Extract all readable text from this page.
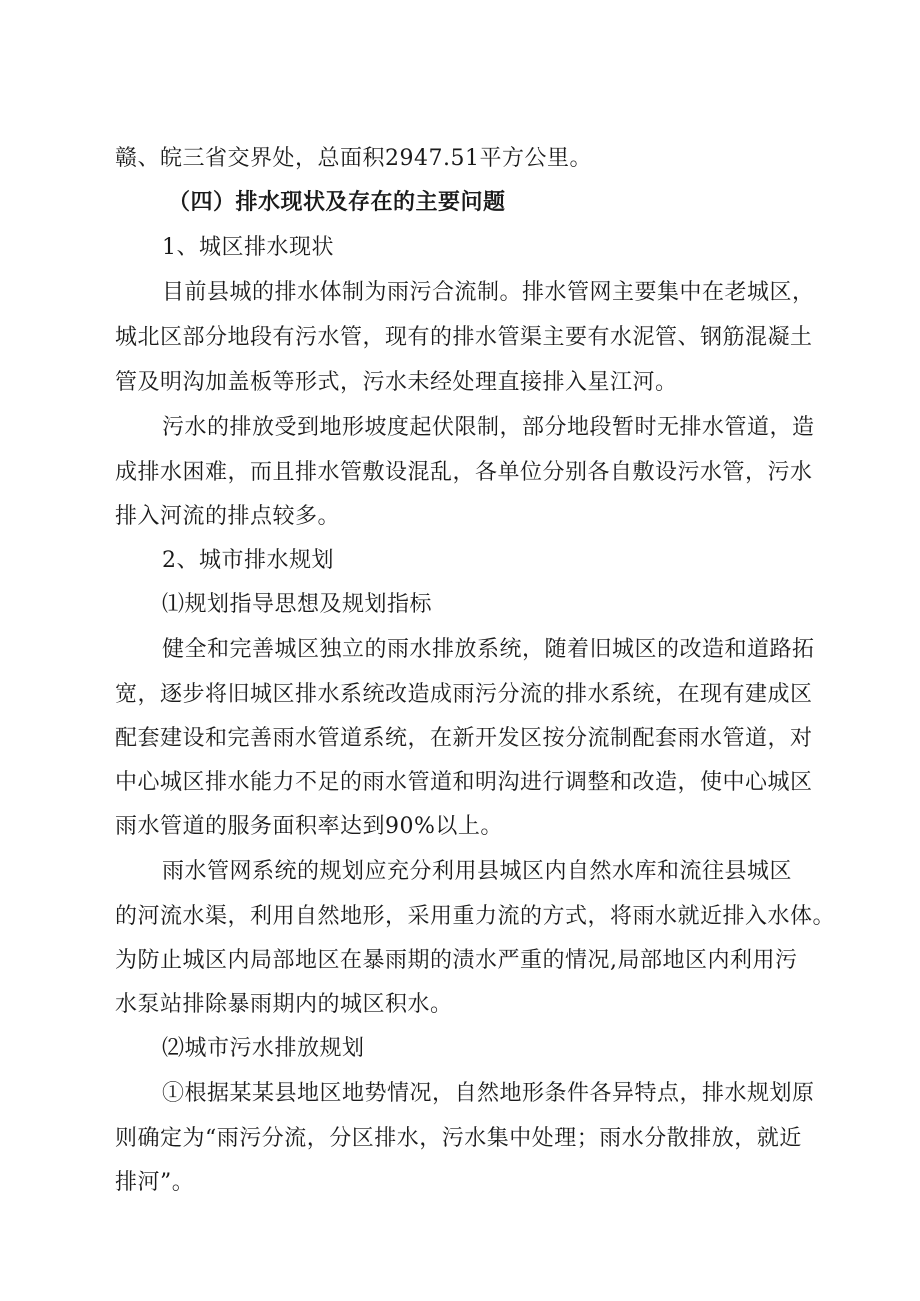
赣、皖三省交界处，总面积2947.51平方公里。
（四）排水现状及存在的主要问题
1、城区排水现状
目前县城的排水体制为雨污合流制。排水管网主要集中在老城区，
城北区部分地段有污水管，现有的排水管渠主要有水泥管、钢筋混凝土
管及明沟加盖板等形式，污水未经处理直接排入星江河。
污水的排放受到地形坡度起伏限制，部分地段暂时无排水管道，造
成排水困难，而且排水管敷设混乱，各单位分别各自敷设污水管，污水
排入河流的排点较多。
2、城市排水规划
⑴规划指导思想及规划指标
健全和完善城区独立的雨水排放系统，随着旧城区的改造和道路拓
宽，逐步将旧城区排水系统改造成雨污分流的排水系统，在现有建成区
配套建设和完善雨水管道系统，在新开发区按分流制配套雨水管道，对
中心城区排水能力不足的雨水管道和明沟进行调整和改造，使中心城区
雨水管道的服务面积率达到90%以上。
雨水管网系统的规划应充分利用县城区内自然水库和流往县城区
的河流水渠，利用自然地形，采用重力流的方式，将雨水就近排入水体。
为防止城区内局部地区在暴雨期的渍水严重的情况,局部地区内利用污
水泵站排除暴雨期内的城区积水。
⑵城市污水排放规划
①根据某某县地区地势情况，自然地形条件各异特点，排水规划原
则确定为“雨污分流，分区排水，污水集中处理；雨水分散排放，就近
排河”。
